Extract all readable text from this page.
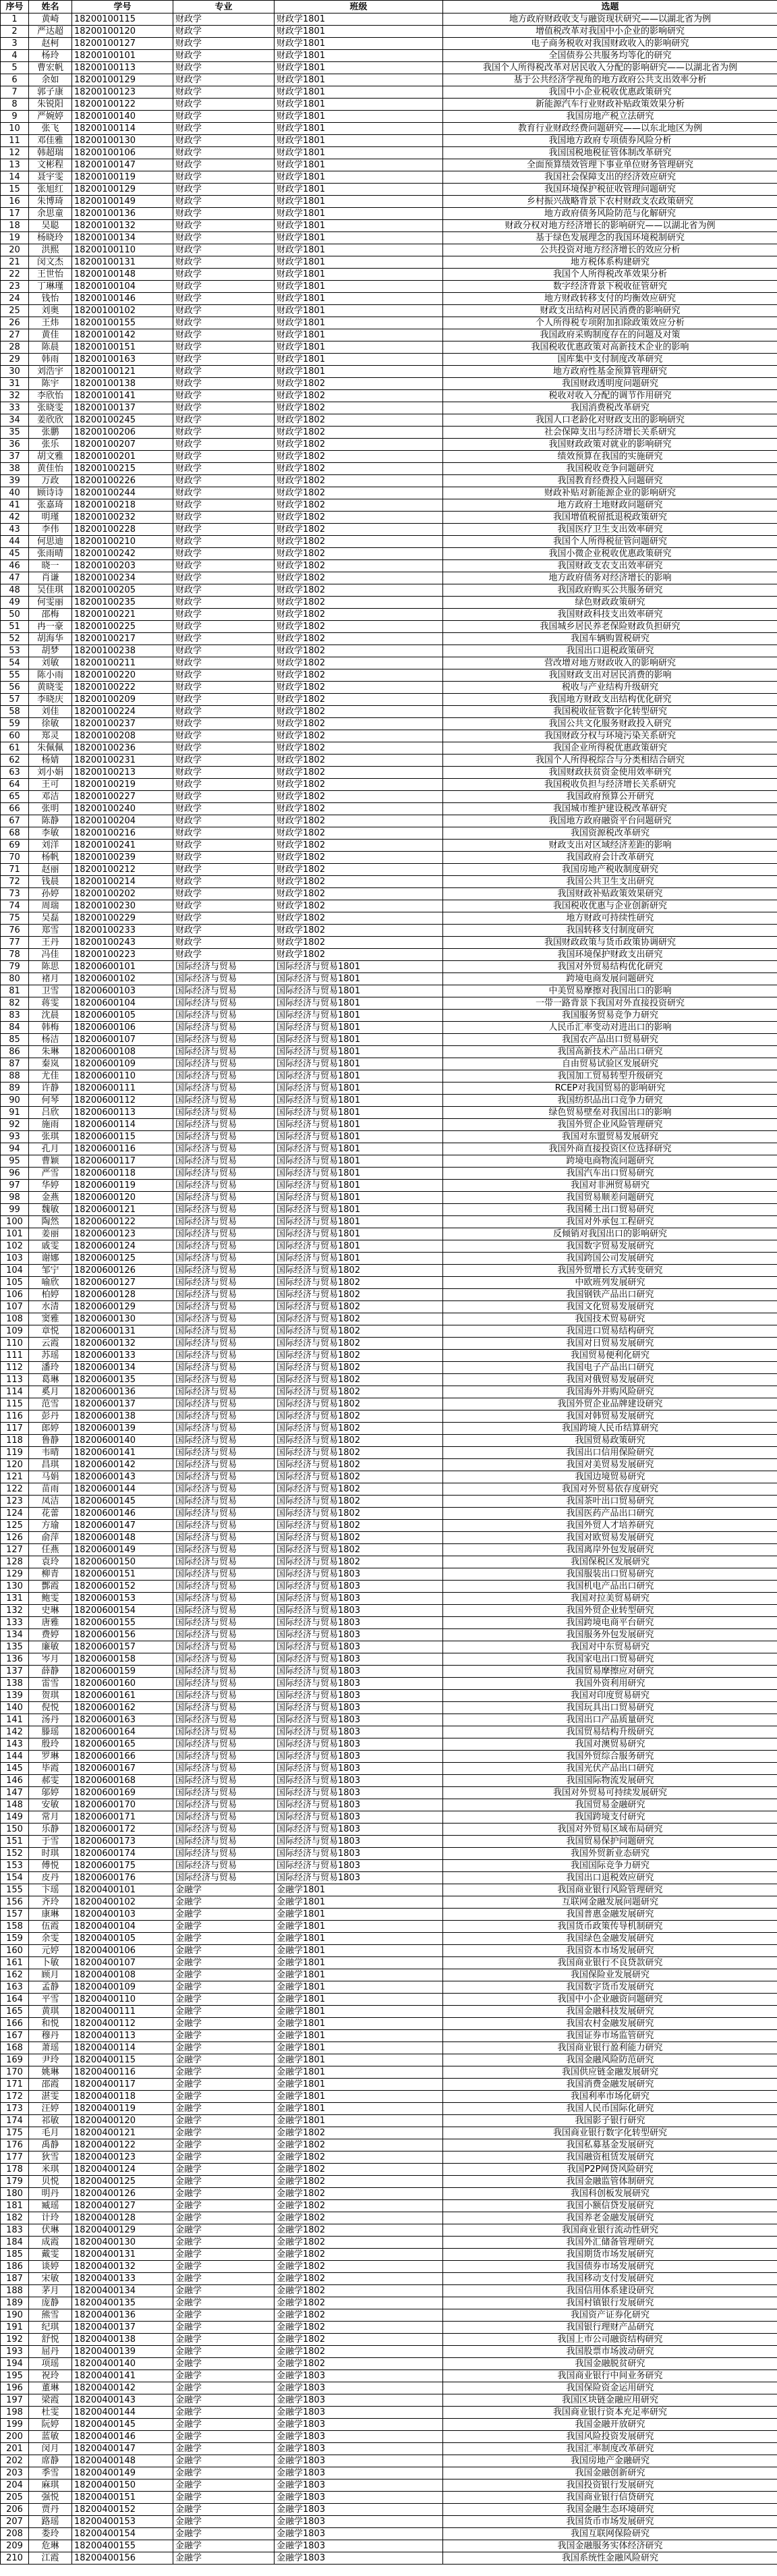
序号	姓名	学号	专业	班级	选题
1	黄崎	18200100115	财政学	财政学1801	地方政府财政收支与融资现状研究——以湖北省为例
2	严达超	18200100120	财政学	财政学1801	增值税改革对我国中小企业的影响研究
3	赵柯	18200100127	财政学	财政学1801	电子商务税收对我国财政收入的影响研究
4	杨玲	18200100101	财政学	财政学1801	全国债券公共服务均等化的研究
5	曹宏帆	18200100113	财政学	财政学1801	我国个人所得税改革对居民收入分配的影响研究——以湖北省为例
6	余如	18200100129	财政学	财政学1801	基于公共经济学视角的地方政府公共支出效率分析
7	郭子康	18200100123	财政学	财政学1801	我国中小企业税收优惠政策研究
8	朱锐阳	18200100122	财政学	财政学1801	新能源汽车行业财政补贴政策效果分析
9	严婉婷	18200100140	财政学	财政学1801	我国房地产税立法研究
10	张飞	18200100114	财政学	财政学1801	教育行业财政经费问题研究——以东北地区为例
11	邓佳雅	18200100130	财政学	财政学1801	我国地方政府专项债券风险分析
12	韩超瑞	18200100106	财政学	财政学1801	我国国税地税征管体制改革研究
13	文彬程	18200100147	财政学	财政学1801	全面预算绩效管理下事业单位财务管理研究
14	聂宇雯	18200100119	财政学	财政学1801	我国社会保障支出的经济效应研究
15	张旭红	18200100129	财政学	财政学1801	我国环境保护税征收管理问题研究
16	朱博琦	18200100149	财政学	财政学1801	乡村振兴战略背景下农村财政支农政策研究
17	余思童	18200100136	财政学	财政学1801	地方政府债务风险防范与化解研究
18	吴聪	18200100132	财政学	财政学1801	财政分权对地方经济增长的影响研究——以湖北省为例
19	杨晓玲	18200100134	财政学	财政学1801	基于绿色发展理念的我国环境税制研究
20	洪熙	18200100110	财政学	财政学1801	公共投资对地方经济增长的效应分析
21	闵文杰	18200100131	财政学	财政学1801	地方税体系构建研究
22	王世怡	18200100148	财政学	财政学1801	我国个人所得税改革效果分析
23	丁琳瑾	18200100104	财政学	财政学1801	数字经济背景下税收征管研究
24	钱怡	18200100146	财政学	财政学1801	地方财政转移支付的均衡效应研究
25	刘奥	18200100102	财政学	财政学1801	财政支出结构对居民消费的影响研究
26	王炜	18200100155	财政学	财政学1801	个人所得税专项附加扣除政策效应分析
27	黄佳	18200100142	财政学	财政学1801	我国政府采购制度存在的问题及对策
28	陈晨	18200100151	财政学	财政学1801	我国税收优惠政策对高新技术企业的影响
29	韩雨	18200100163	财政学	财政学1801	国库集中支付制度改革研究
30	刘浩宇	18200100121	财政学	财政学1801	地方政府性基金预算管理研究
31	陈宇	18200100138	财政学	财政学1802	我国财政透明度问题研究
32	李欣怡	18200100141	财政学	财政学1802	税收对收入分配的调节作用研究
33	张晓雯	18200100137	财政学	财政学1802	我国消费税改革研究
34	姜欣欣	18200100245	财政学	财政学1802	我国人口老龄化对财政支出的影响研究
35	张鹏	18200100206	财政学	财政学1802	社会保障支出与经济增长关系研究
36	张乐	18200100207	财政学	财政学1802	我国财政政策对就业的影响研究
37	胡文雅	18200100201	财政学	财政学1802	绩效预算在我国的实施研究
38	黄佳怡	18200100215	财政学	财政学1802	我国税收竞争问题研究
39	万政	18200100226	财政学	财政学1802	我国教育经费投入问题研究
40	顾诗诗	18200100244	财政学	财政学1802	财政补贴对新能源企业的影响研究
41	张嘉琦	18200100218	财政学	财政学1802	地方政府土地财政问题研究
42	明瑾	18200100232	财政学	财政学1802	我国增值税留抵退税政策研究
43	李伟	18200100228	财政学	财政学1802	我国医疗卫生支出效率研究
44	何思迪	18200100210	财政学	财政学1802	我国个人所得税征管问题研究
45	张雨晴	18200100242	财政学	财政学1802	我国小微企业税收优惠政策研究
46	晓一	18200100203	财政学	财政学1802	我国财政支农支出效率研究
47	肖谦	18200100234	财政学	财政学1802	地方政府债务对经济增长的影响
48	吴佳琪	18200100205	财政学	财政学1802	我国政府购买公共服务研究
49	何雯丽	18200100235	财政学	财政学1802	绿色财政政策研究
50	邵梅	18200100221	财政学	财政学1802	我国财政科技支出效率研究
51	冉一豪	18200100225	财政学	财政学1802	我国城乡居民养老保险财政负担研究
52	胡海华	18200100217	财政学	财政学1802	我国车辆购置税研究
53	胡梦	18200100238	财政学	财政学1802	我国出口退税政策研究
54	刘敏	18200100211	财政学	财政学1802	营改增对地方财政收入的影响研究
55	陈小雨	18200100220	财政学	财政学1802	我国财政支出对居民消费的影响
56	黄晓雯	18200100222	财政学	财政学1802	税收与产业结构升级研究
57	李晓庆	18200100209	财政学	财政学1802	我国地方财政支出结构优化研究
58	刘佳	18200100224	财政学	财政学1802	我国税收征管数字化转型研究
59	徐敏	18200100237	财政学	财政学1802	我国公共文化服务财政投入研究
60	郑灵	18200100208	财政学	财政学1802	我国财政分权与环境污染关系研究
61	朱佩佩	18200100236	财政学	财政学1802	我国企业所得税优惠政策研究
62	杨婧	18200100231	财政学	财政学1802	我国个人所得税综合与分类相结合研究
63	刘小娟	18200100213	财政学	财政学1802	我国财政扶贫资金使用效率研究
64	王可	18200100219	财政学	财政学1802	我国税收负担与经济增长关系研究
65	邓洁	18200100227	财政学	财政学1802	我国政府预算公开研究
66	张明	18200100240	财政学	财政学1802	我国城市维护建设税改革研究
67	陈静	18200100204	财政学	财政学1802	我国地方政府融资平台问题研究
68	李敏	18200100216	财政学	财政学1802	我国资源税改革研究
69	刘洋	18200100241	财政学	财政学1802	财政支出对区域经济差距的影响
70	杨帆	18200100239	财政学	财政学1802	我国政府会计改革研究
71	赵丽	18200100212	财政学	财政学1802	我国房地产税收制度研究
72	钱晨	18200100214	财政学	财政学1802	我国公共卫生支出研究
73	孙婷	18200100202	财政学	财政学1802	我国财政补贴政策效果研究
74	周瑞	18200100230	财政学	财政学1802	我国税收优惠与企业创新研究
75	吴磊	18200100229	财政学	财政学1802	地方财政可持续性研究
76	郑雪	18200100233	财政学	财政学1802	我国转移支付制度研究
77	王丹	18200100243	财政学	财政学1802	我国财政政策与货币政策协调研究
78	冯佳	18200100223	财政学	财政学1802	我国环境保护财政支出研究
79	陈思	18200600101	国际经济与贸易	国际经济与贸易1801	我国对外贸易结构优化研究
80	褚月	18200600102	国际经济与贸易	国际经济与贸易1801	跨境电商发展问题研究
81	卫雪	18200600103	国际经济与贸易	国际经济与贸易1801	中美贸易摩擦对我国出口的影响
82	蒋雯	18200600104	国际经济与贸易	国际经济与贸易1801	一带一路背景下我国对外直接投资研究
83	沈晨	18200600105	国际经济与贸易	国际经济与贸易1801	我国服务贸易竞争力研究
84	韩梅	18200600106	国际经济与贸易	国际经济与贸易1801	人民币汇率变动对进出口的影响
85	杨洁	18200600107	国际经济与贸易	国际经济与贸易1801	我国农产品出口贸易研究
86	朱琳	18200600108	国际经济与贸易	国际经济与贸易1801	我国高新技术产品出口研究
87	秦岚	18200600109	国际经济与贸易	国际经济与贸易1801	自由贸易试验区发展研究
88	尤佳	18200600110	国际经济与贸易	国际经济与贸易1801	我国加工贸易转型升级研究
89	许静	18200600111	国际经济与贸易	国际经济与贸易1801	RCEP对我国贸易的影响研究
90	何琴	18200600112	国际经济与贸易	国际经济与贸易1801	我国纺织品出口竞争力研究
91	吕欣	18200600113	国际经济与贸易	国际经济与贸易1801	绿色贸易壁垒对我国出口的影响
92	施雨	18200600114	国际经济与贸易	国际经济与贸易1801	我国外贸企业风险管理研究
93	张琪	18200600115	国际经济与贸易	国际经济与贸易1801	我国对东盟贸易发展研究
94	孔月	18200600116	国际经济与贸易	国际经济与贸易1801	我国外商直接投资区位选择研究
95	曹颖	18200600117	国际经济与贸易	国际经济与贸易1801	跨境电商物流问题研究
96	严雪	18200600118	国际经济与贸易	国际经济与贸易1801	我国汽车出口贸易研究
97	华婷	18200600119	国际经济与贸易	国际经济与贸易1801	我国对非洲贸易研究
98	金燕	18200600120	国际经济与贸易	国际经济与贸易1801	我国贸易顺差问题研究
99	魏敏	18200600121	国际经济与贸易	国际经济与贸易1801	我国稀土出口贸易研究
100	陶然	18200600122	国际经济与贸易	国际经济与贸易1801	我国对外承包工程研究
101	姜丽	18200600123	国际经济与贸易	国际经济与贸易1801	反倾销对我国出口的影响研究
102	戚雯	18200600124	国际经济与贸易	国际经济与贸易1801	我国数字贸易发展研究
103	谢娜	18200600125	国际经济与贸易	国际经济与贸易1801	我国跨国公司发展研究
104	邹宁	18200600126	国际经济与贸易	国际经济与贸易1802	我国外贸增长方式转变研究
105	喻欣	18200600127	国际经济与贸易	国际经济与贸易1802	中欧班列发展研究
106	柏婷	18200600128	国际经济与贸易	国际经济与贸易1802	我国钢铁产品出口研究
107	水清	18200600129	国际经济与贸易	国际经济与贸易1802	我国文化贸易发展研究
108	窦雅	18200600130	国际经济与贸易	国际经济与贸易1802	我国技术贸易研究
109	章悦	18200600131	国际经济与贸易	国际经济与贸易1802	我国进口贸易结构研究
110	云霞	18200600132	国际经济与贸易	国际经济与贸易1802	我国对日贸易发展研究
111	苏瑶	18200600133	国际经济与贸易	国际经济与贸易1802	我国贸易便利化研究
112	潘玲	18200600134	国际经济与贸易	国际经济与贸易1802	我国电子产品出口研究
113	葛琳	18200600135	国际经济与贸易	国际经济与贸易1802	我国对俄贸易发展研究
114	奚月	18200600136	国际经济与贸易	国际经济与贸易1802	我国海外并购风险研究
115	范雪	18200600137	国际经济与贸易	国际经济与贸易1802	我国外贸企业品牌建设研究
116	彭丹	18200600138	国际经济与贸易	国际经济与贸易1802	我国对韩贸易发展研究
117	郎婷	18200600139	国际经济与贸易	国际经济与贸易1802	我国跨境人民币结算研究
118	鲁静	18200600140	国际经济与贸易	国际经济与贸易1802	我国贸易政策研究
119	韦晴	18200600141	国际经济与贸易	国际经济与贸易1802	我国出口信用保险研究
120	昌琪	18200600142	国际经济与贸易	国际经济与贸易1802	我国对美贸易发展研究
121	马娟	18200600143	国际经济与贸易	国际经济与贸易1802	我国边境贸易研究
122	苗雨	18200600144	国际经济与贸易	国际经济与贸易1802	我国对外贸易依存度研究
123	凤洁	18200600145	国际经济与贸易	国际经济与贸易1802	我国茶叶出口贸易研究
124	花蕾	18200600146	国际经济与贸易	国际经济与贸易1802	我国医药产品出口研究
125	方瑜	18200600147	国际经济与贸易	国际经济与贸易1802	我国外贸人才培养研究
126	俞萍	18200600148	国际经济与贸易	国际经济与贸易1802	我国对欧贸易发展研究
127	任燕	18200600149	国际经济与贸易	国际经济与贸易1802	我国离岸外包发展研究
128	袁玲	18200600150	国际经济与贸易	国际经济与贸易1802	我国保税区发展研究
129	柳青	18200600151	国际经济与贸易	国际经济与贸易1803	我国服装出口贸易研究
130	酆霞	18200600152	国际经济与贸易	国际经济与贸易1803	我国机电产品出口研究
131	鲍雯	18200600153	国际经济与贸易	国际经济与贸易1803	我国对拉美贸易研究
132	史琳	18200600154	国际经济与贸易	国际经济与贸易1803	我国外贸企业转型研究
133	唐雅	18200600155	国际经济与贸易	国际经济与贸易1803	我国跨境电商平台研究
134	费婷	18200600156	国际经济与贸易	国际经济与贸易1803	我国服务外包发展研究
135	廉敏	18200600157	国际经济与贸易	国际经济与贸易1803	我国对中东贸易研究
136	岑月	18200600158	国际经济与贸易	国际经济与贸易1803	我国家电出口贸易研究
137	薛静	18200600159	国际经济与贸易	国际经济与贸易1803	我国贸易摩擦应对研究
138	雷雪	18200600160	国际经济与贸易	国际经济与贸易1803	我国外资利用研究
139	贺琪	18200600161	国际经济与贸易	国际经济与贸易1803	我国对印度贸易研究
140	倪悦	18200600162	国际经济与贸易	国际经济与贸易1803	我国玩具出口贸易研究
141	汤丹	18200600163	国际经济与贸易	国际经济与贸易1803	我国出口产品质量研究
142	滕瑶	18200600164	国际经济与贸易	国际经济与贸易1803	我国贸易结构升级研究
143	殷玲	18200600165	国际经济与贸易	国际经济与贸易1803	我国对澳贸易研究
144	罗琳	18200600166	国际经济与贸易	国际经济与贸易1803	我国外贸综合服务研究
145	毕霞	18200600167	国际经济与贸易	国际经济与贸易1803	我国光伏产品出口研究
146	郝雯	18200600168	国际经济与贸易	国际经济与贸易1803	我国国际物流发展研究
147	邬婷	18200600169	国际经济与贸易	国际经济与贸易1803	我国对外贸易可持续发展研究
148	安敏	18200600170	国际经济与贸易	国际经济与贸易1803	我国贸易金融研究
149	常月	18200600171	国际经济与贸易	国际经济与贸易1803	我国跨境支付研究
150	乐静	18200600172	国际经济与贸易	国际经济与贸易1803	我国对外贸易区域布局研究
151	于雪	18200600173	国际经济与贸易	国际经济与贸易1803	我国贸易保护问题研究
152	时琪	18200600174	国际经济与贸易	国际经济与贸易1803	我国外贸新业态研究
153	傅悦	18200600175	国际经济与贸易	国际经济与贸易1803	我国国际竞争力研究
154	皮丹	18200600176	国际经济与贸易	国际经济与贸易1803	我国出口退税效应研究
155	卞瑶	18200400101	金融学	金融学1801	我国商业银行风险管理研究
156	齐玲	18200400102	金融学	金融学1801	互联网金融发展问题研究
157	康琳	18200400103	金融学	金融学1801	我国普惠金融发展研究
158	伍霞	18200400104	金融学	金融学1801	我国货币政策传导机制研究
159	余雯	18200400105	金融学	金融学1801	我国绿色金融发展研究
160	元婷	18200400106	金融学	金融学1801	我国资本市场发展研究
161	卜敏	18200400107	金融学	金融学1801	我国商业银行不良贷款研究
162	顾月	18200400108	金融学	金融学1801	我国保险业发展研究
163	孟静	18200400109	金融学	金融学1801	我国数字货币发展研究
164	平雪	18200400110	金融学	金融学1801	我国中小企业融资问题研究
165	黄琪	18200400111	金融学	金融学1801	我国金融科技发展研究
166	和悦	18200400112	金融学	金融学1801	我国农村金融发展研究
167	穆丹	18200400113	金融学	金融学1801	我国证券市场监管研究
168	萧瑶	18200400114	金融学	金融学1801	我国商业银行盈利能力研究
169	尹玲	18200400115	金融学	金融学1801	我国金融风险防范研究
170	姚琳	18200400116	金融学	金融学1801	我国供应链金融发展研究
171	邵霞	18200400117	金融学	金融学1801	我国消费金融发展研究
172	湛雯	18200400118	金融学	金融学1801	我国利率市场化研究
173	汪婷	18200400119	金融学	金融学1801	我国人民币国际化研究
174	祁敏	18200400120	金融学	金融学1801	我国影子银行研究
175	毛月	18200400121	金融学	金融学1802	我国商业银行数字化转型研究
176	禹静	18200400122	金融学	金融学1802	我国私募基金发展研究
177	狄雪	18200400123	金融学	金融学1802	我国融资租赁发展研究
178	米琪	18200400124	金融学	金融学1802	我国P2P网贷风险研究
179	贝悦	18200400125	金融学	金融学1802	我国金融监管体制研究
180	明丹	18200400126	金融学	金融学1802	我国科创板发展研究
181	臧瑶	18200400127	金融学	金融学1802	我国小额信贷发展研究
182	计玲	18200400128	金融学	金融学1802	我国养老金融发展研究
183	伏琳	18200400129	金融学	金融学1802	我国商业银行流动性研究
184	成霞	18200400130	金融学	金融学1802	我国外汇储备管理研究
185	戴雯	18200400131	金融学	金融学1802	我国期货市场发展研究
186	谈婷	18200400132	金融学	金融学1802	我国债券市场发展研究
187	宋敏	18200400133	金融学	金融学1802	我国移动支付发展研究
188	茅月	18200400134	金融学	金融学1802	我国信用体系建设研究
189	庞静	18200400135	金融学	金融学1802	我国村镇银行发展研究
190	熊雪	18200400136	金融学	金融学1802	我国资产证券化研究
191	纪琪	18200400137	金融学	金融学1802	我国银行理财产品研究
192	舒悦	18200400138	金融学	金融学1802	我国上市公司融资结构研究
193	屈丹	18200400139	金融学	金融学1802	我国股票市场波动研究
194	项瑶	18200400140	金融学	金融学1802	我国金融脱贫研究
195	祝玲	18200400141	金融学	金融学1803	我国商业银行中间业务研究
196	董琳	18200400142	金融学	金融学1803	我国保险资金运用研究
197	梁霞	18200400143	金融学	金融学1803	我国区块链金融应用研究
198	杜雯	18200400144	金融学	金融学1803	我国商业银行资本充足率研究
199	阮婷	18200400145	金融学	金融学1803	我国金融开放研究
200	蓝敏	18200400146	金融学	金融学1803	我国风险投资发展研究
201	闵月	18200400147	金融学	金融学1803	我国汇率制度改革研究
202	席静	18200400148	金融学	金融学1803	我国房地产金融研究
203	季雪	18200400149	金融学	金融学1803	我国金融创新研究
204	麻琪	18200400150	金融学	金融学1803	我国投资银行发展研究
205	强悦	18200400151	金融学	金融学1803	我国商业银行信贷研究
206	贾丹	18200400152	金融学	金融学1803	我国金融生态环境研究
207	路瑶	18200400153	金融学	金融学1803	我国货币市场发展研究
208	娄玲	18200400154	金融学	金融学1803	我国互联网保险研究
209	危琳	18200400155	金融学	金融学1803	我国金融服务实体经济研究
210	江霞	18200400156	金融学	金融学1803	我国系统性金融风险研究
